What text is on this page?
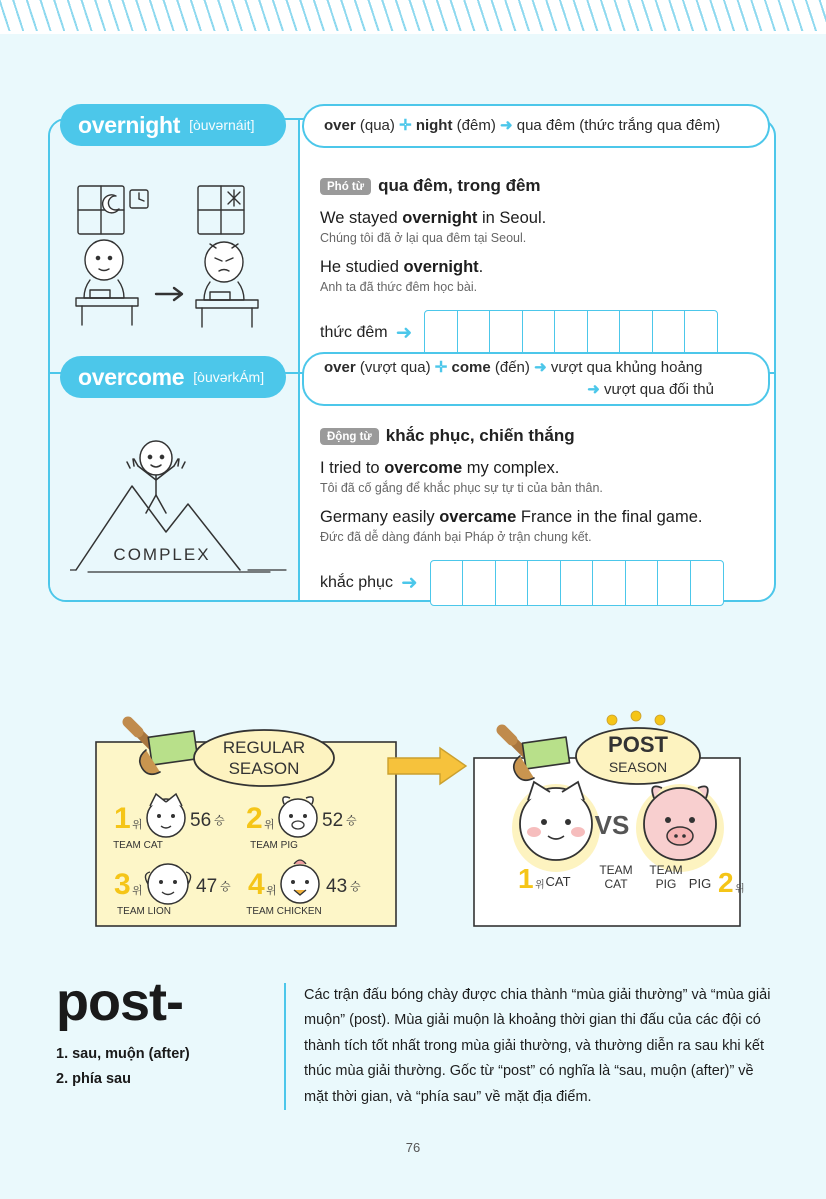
Phó từ qua đêm, trong đêm
We stayed overnight in Seoul.
Chúng tôi đã ở lại qua đêm tại Seoul.
He studied overnight.
Anh ta đã thức đêm học bài.
thức đêm ➜
COMPLEX
Động từ khắc phục, chiến thắng
I tried to overcome my complex.
Tôi đã cố gắng để khắc phục sự tự ti của bản thân.
Germany easily overcame France in the final game.
Đức đã dễ dàng đánh bại Pháp ở trận chung kết.
khắc phục ➜
overnight [òuvərnáit]	over (qua) ✛ night (đêm) ➜ qua đêm (thức trắng qua đêm)
overcome [òuvərkÁm]
over (vượt qua) ✛ come (đến) ➜ vượt qua khủng hoảng
➜ vượt qua đối thủ
REGULAR
SEASON
1 위 56 승
TEAM CAT
2 위 52 승
TEAM PIG
3 위	47 승
TEAM LION
4 위	43 승
TEAM CHICKEN
POST
SEASON
1 위 CAT
TEAM
CAT
VS
TEAM
PIG PIG 2 위
post-
1. sau, muộn (after)
2. phía sau
Các trận đấu bóng chày được chia thành “mùa giải thường” và “mùa giải muộn” (post). Mùa giải muộn là khoảng thời gian thi đấu của các đội có thành tích tốt nhất trong mùa giải thường, và thường diễn ra sau khi kết thúc mùa giải thường. Gốc từ “post” có nghĩa là “sau, muộn (after)” về mặt thời gian, và “phía sau” về mặt địa điểm.
76
